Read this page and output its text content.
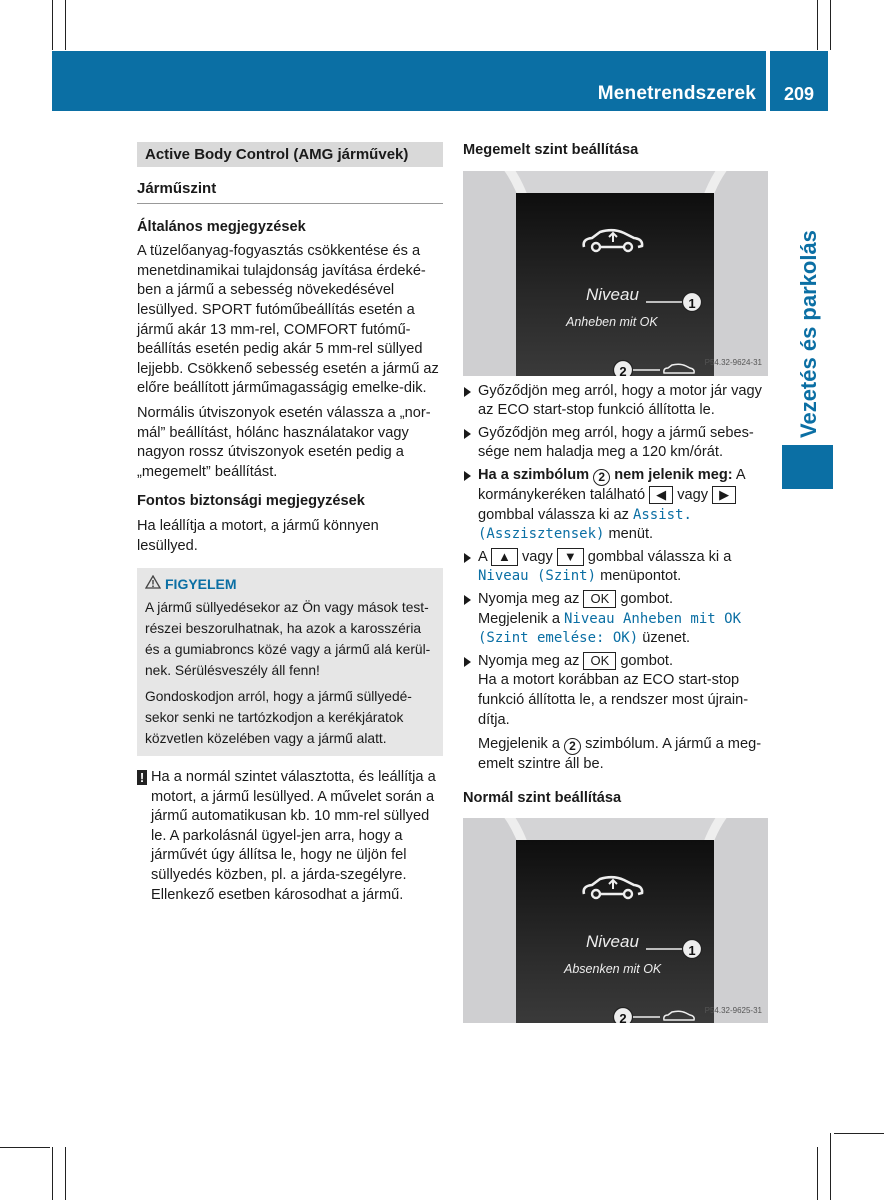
Menetrendszerek	209
Vezetés és parkolás
Active Body Control (AMG járművek)
Járműszint
Általános megjegyzések

A tüzelőanyag-fogyasztás csökkentése és a menetdinamikai tulajdonság javítása érdeké-ben a jármű a sebesség növekedésével lesüllyed. SPORT futóműbeállítás esetén a jármű akár 13 mm-rel, COMFORT futómű-beállítás esetén pedig akár 5 mm-rel süllyed lejjebb. Csökkenő sebesség esetén a jármű az előre beállított járműmagasságig emelke-dik.

Normális útviszonyok esetén válassza a „nor-mál” beállítást, hólánc használatakor vagy nagyon rossz útviszonyok esetén pedig a „megemelt” beállítást.

Fontos biztonsági megjegyzések

Ha leállítja a motort, a jármű könnyen lesüllyed.

FIGYELEM

A jármű süllyedésekor az Ön vagy mások test-részei beszorulhatnak, ha azok a karosszéria és a gumiabroncs közé vagy a jármű alá kerül-nek. Sérülésveszély áll fenn!

Gondoskodjon arról, hogy a jármű süllyedé-sekor senki ne tartózkodjon a kerékjáratok közvetlen közelében vagy a jármű alatt.

! Ha a normál szintet választotta, és leállítja a motort, a jármű lesüllyed. A művelet során a jármű automatikusan kb. 10 mm-rel süllyed le. A parkolásnál ügyel-jen arra, hogy a járművét úgy állítsa le, hogy ne üljön fel süllyedés közben, pl. a járda-szegélyre. Ellenkező esetben károsodhat a jármű.

Megemelt szint beállítása
Niveau	1
Anheben mit OK
2
P54.32-9624-31
Győződjön meg arról, hogy a motor jár vagy az ECO start-stop funkció állította le.
Győződjön meg arról, hogy a jármű sebes-sége nem haladja meg a 120 km/órát.
Ha a szimbólum 2 nem jelenik meg: A kormánykeréken található ◀ vagy ▶ gombbal válassza ki az Assist. (Asszisztensek) menüt.
A ▲ vagy ▼ gombbal válassza ki a Niveau (Szint) menüpontot.
Nyomja meg az OK gombot.
Megjelenik a Niveau Anheben mit OK (Szint emelése: OK) üzenet.
Nyomja meg az OK gombot.
Ha a motort korábban az ECO start-stop funkció állította le, a rendszer most újrain-dítja.
Megjelenik a 2 szimbólum. A jármű a meg-emelt szintre áll be.
Normál szint beállítása
Niveau	1
Absenken mit OK
2
P54.32-9625-31
